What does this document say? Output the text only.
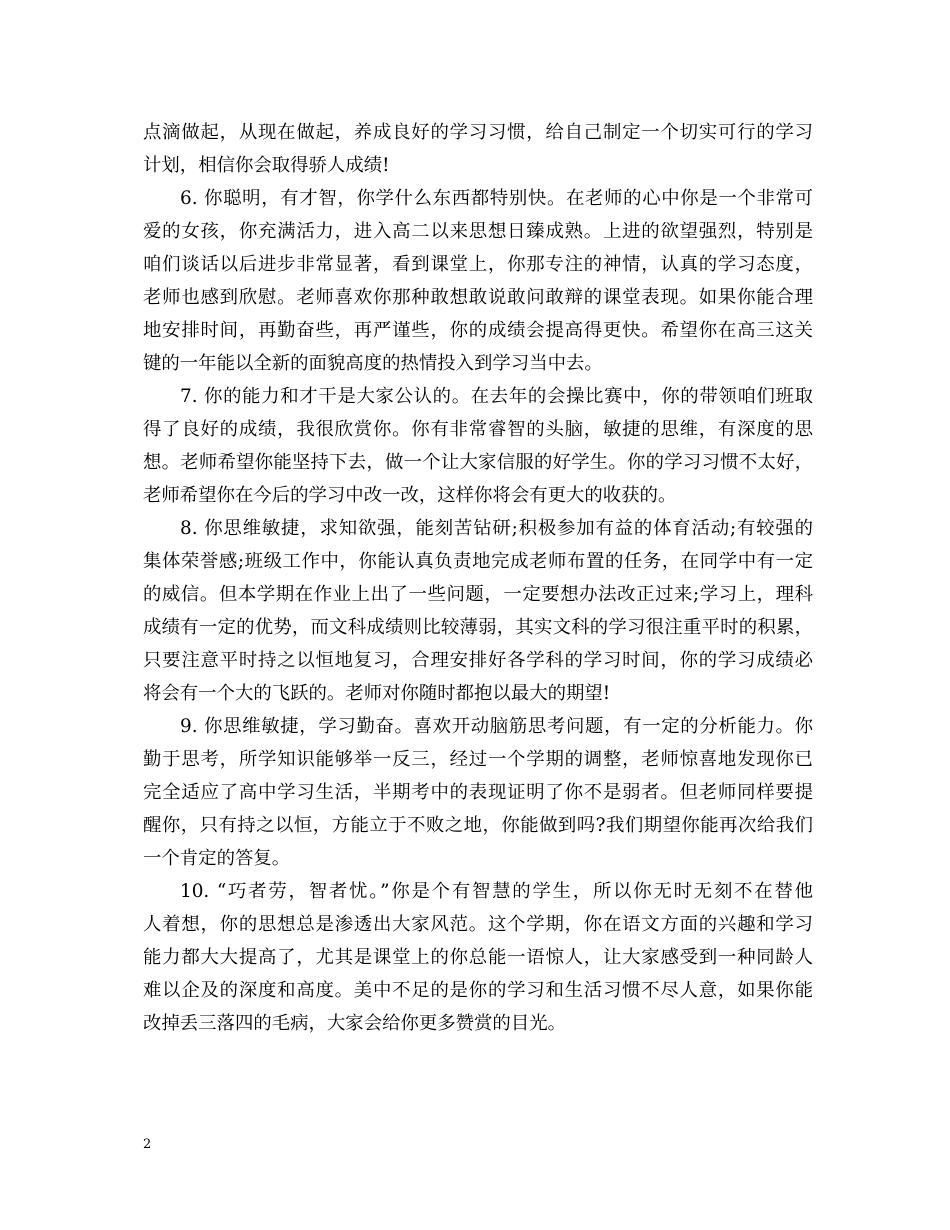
点滴做起，从现在做起，养成良好的学习习惯，给自己制定一个切实可行的学习
计划，相信你会取得骄人成绩!
6. 你聪明，有才智，你学什么东西都特别快。在老师的心中你是一个非常可
爱的女孩，你充满活力，进入高二以来思想日臻成熟。上进的欲望强烈，特别是
咱们谈话以后进步非常显著，看到课堂上，你那专注的神情，认真的学习态度，
老师也感到欣慰。老师喜欢你那种敢想敢说敢问敢辩的课堂表现。如果你能合理
地安排时间，再勤奋些，再严谨些，你的成绩会提高得更快。希望你在高三这关
键的一年能以全新的面貌高度的热情投入到学习当中去。
7. 你的能力和才干是大家公认的。在去年的会操比赛中，你的带领咱们班取
得了良好的成绩，我很欣赏你。你有非常睿智的头脑，敏捷的思维，有深度的思
想。老师希望你能坚持下去，做一个让大家信服的好学生。你的学习习惯不太好，
老师希望你在今后的学习中改一改，这样你将会有更大的收获的。
8. 你思维敏捷，求知欲强，能刻苦钻研;积极参加有益的体育活动;有较强的
集体荣誉感;班级工作中，你能认真负责地完成老师布置的任务，在同学中有一定
的威信。但本学期在作业上出了一些问题，一定要想办法改正过来;学习上，理科
成绩有一定的优势，而文科成绩则比较薄弱，其实文科的学习很注重平时的积累，
只要注意平时持之以恒地复习，合理安排好各学科的学习时间，你的学习成绩必
将会有一个大的飞跃的。老师对你随时都抱以最大的期望!
9. 你思维敏捷，学习勤奋。喜欢开动脑筋思考问题，有一定的分析能力。你
勤于思考，所学知识能够举一反三，经过一个学期的调整，老师惊喜地发现你已
完全适应了高中学习生活，半期考中的表现证明了你不是弱者。但老师同样要提
醒你，只有持之以恒，方能立于不败之地，你能做到吗?我们期望你能再次给我们
一个肯定的答复。
10. “巧者劳，智者忧。”你是个有智慧的学生，所以你无时无刻不在替他
人着想，你的思想总是渗透出大家风范。这个学期，你在语文方面的兴趣和学习
能力都大大提高了，尤其是课堂上的你总能一语惊人，让大家感受到一种同龄人
难以企及的深度和高度。美中不足的是你的学习和生活习惯不尽人意，如果你能
改掉丢三落四的毛病，大家会给你更多赞赏的目光。
2
